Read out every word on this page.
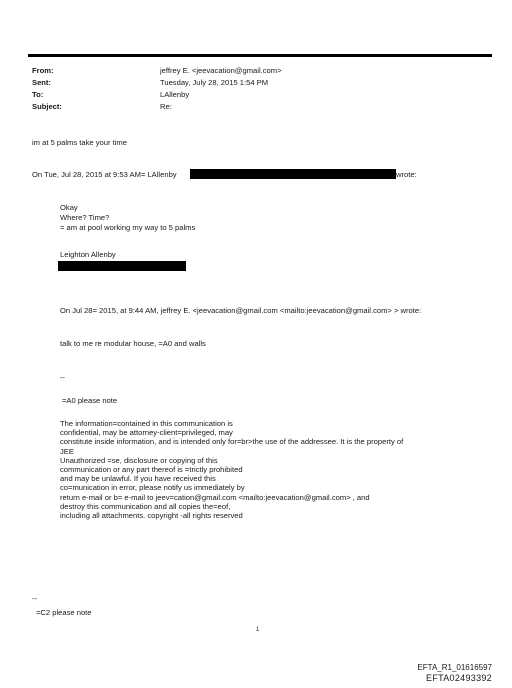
From:
Sent:
To:
Subject:
jeffrey E. <jeevacation@gmail.com>
Tuesday, July 28, 2015 1:54 PM
LAllenby
Re:
im at 5 palms take your time
On Tue, Jul 28, 2015 at 9:53 AM= LAllenby	wrote:
Okay
Where? Time?
= am at pool working my way to 5 palms
Leighton Allenby
On Jul 28= 2015, at 9:44 AM, jeffrey E. <jeevacation@gmail.com <mailto:jeevacation@gmail.com> > wrote:
talk to me re modular house, =A0 and walls
--
=A0 please note
The information=contained in this communication is
confidential, may be attorney-client=privileged, may
constitute inside information, and is intended only for=br>the use of the addressee. It is the property of
JEE
Unauthorized =se, disclosure or copying of this
communication or any part thereof is =trictly prohibited
and may be unlawful. If you have received this
co=munication in error, please notify us immediately by
return e-mail or b= e-mail to jeev=cation@gmail.com <mailto:jeevacation@gmail.com> , and
destroy this communication and all copies the=eof,
including all attachments. copyright -all rights reserved
--
=C2 please note
1
EFTA_R1_01616597
EFTA02493392
